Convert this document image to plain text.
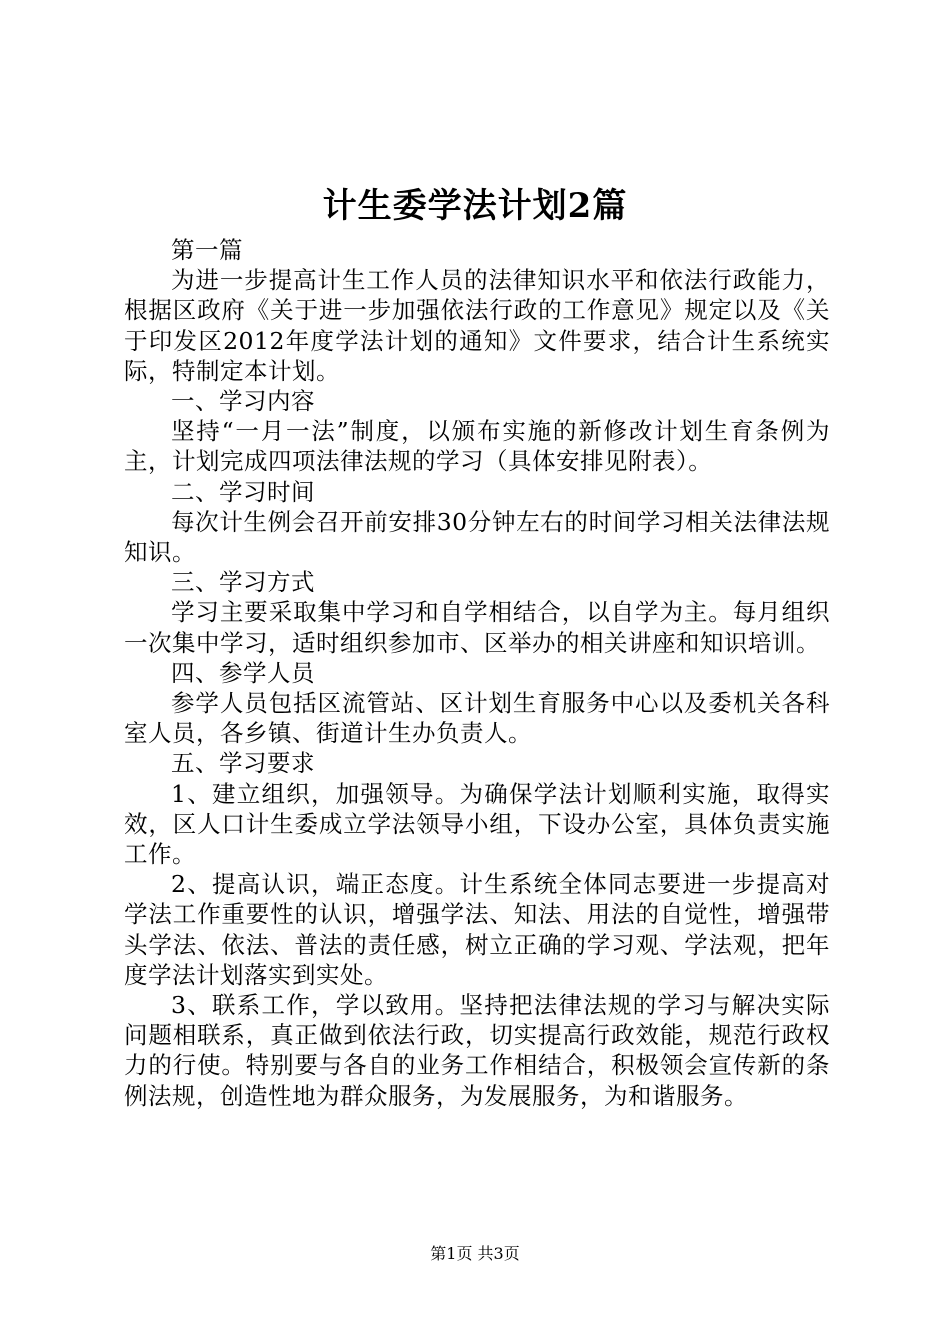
计生委学法计划2篇

第一篇

为进一步提高计生工作人员的法律知识水平和依法行政能力，根据区政府《关于进一步加强依法行政的工作意见》规定以及《关于印发区2012年度学法计划的通知》文件要求，结合计生系统实际，特制定本计划。

一、学习内容

坚持“一月一法”制度，以颁布实施的新修改计划生育条例为主，计划完成四项法律法规的学习（具体安排见附表）。

二、学习时间

每次计生例会召开前安排30分钟左右的时间学习相关法律法规知识。

三、学习方式

学习主要采取集中学习和自学相结合，以自学为主。每月组织一次集中学习，适时组织参加市、区举办的相关讲座和知识培训。

四、参学人员

参学人员包括区流管站、区计划生育服务中心以及委机关各科室人员，各乡镇、街道计生办负责人。

五、学习要求

1、建立组织，加强领导。为确保学法计划顺利实施，取得实效，区人口计生委成立学法领导小组，下设办公室，具体负责实施工作。

2、提高认识，端正态度。计生系统全体同志要进一步提高对学法工作重要性的认识，增强学法、知法、用法的自觉性，增强带头学法、依法、普法的责任感，树立正确的学习观、学法观，把年度学法计划落实到实处。

3、联系工作，学以致用。坚持把法律法规的学习与解决实际问题相联系，真正做到依法行政，切实提高行政效能，规范行政权力的行使。特别要与各自的业务工作相结合，积极领会宣传新的条例法规，创造性地为群众服务，为发展服务，为和谐服务。

第1页 共3页
